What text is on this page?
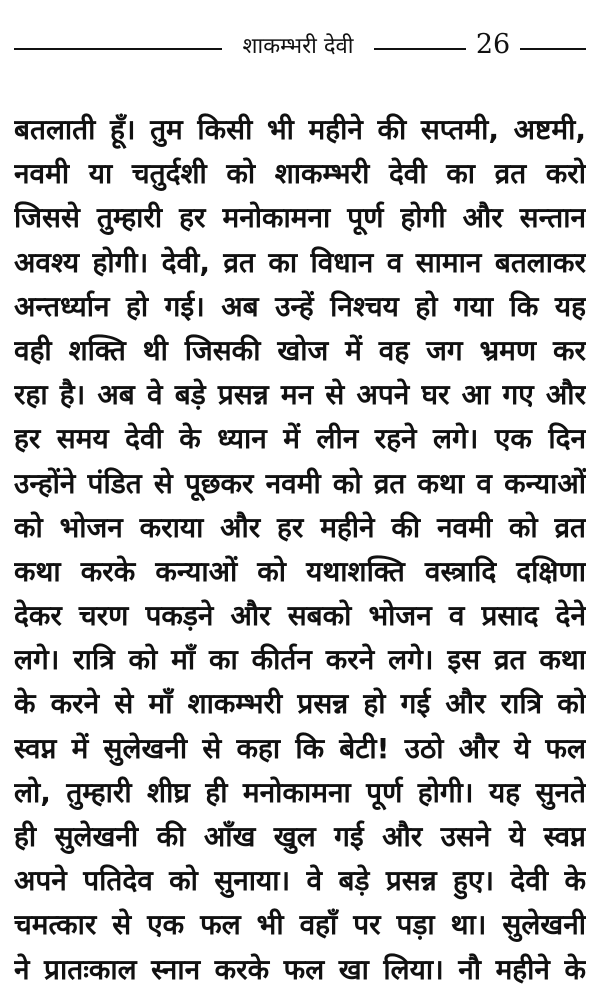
शाकम्भरी देवी	26
बतलाती हूँ। तुम किसी भी महीने की सप्तमी, अष्टमी,
नवमी या चतुर्दशी को शाकम्भरी देवी का व्रत करो
जिससे तुम्हारी हर मनोकामना पूर्ण होगी और सन्तान
अवश्य होगी। देवी, व्रत का विधान व सामान बतलाकर
अन्तर्ध्यान हो गई। अब उन्हें निश्चय हो गया कि यह
वही शक्ति थी जिसकी खोज में वह जग भ्रमण कर
रहा है। अब वे बड़े प्रसन्न मन से अपने घर आ गए और
हर समय देवी के ध्यान में लीन रहने लगे। एक दिन
उन्होंने पंडित से पूछकर नवमी को व्रत कथा व कन्याओं
को भोजन कराया और हर महीने की नवमी को व्रत
कथा करके कन्याओं को यथाशक्ति वस्त्रादि दक्षिणा
देकर चरण पकड़ने और सबको भोजन व प्रसाद देने
लगे। रात्रि को माँ का कीर्तन करने लगे। इस व्रत कथा
के करने से माँ शाकम्भरी प्रसन्न हो गई और रात्रि को
स्वप्न में सुलेखनी से कहा कि बेटी! उठो और ये फल
लो, तुम्हारी शीघ्र ही मनोकामना पूर्ण होगी। यह सुनते
ही सुलेखनी की आँख खुल गई और उसने ये स्वप्न
अपने पतिदेव को सुनाया। वे बड़े प्रसन्न हुए। देवी के
चमत्कार से एक फल भी वहाँ पर पड़ा था। सुलेखनी
ने प्रातःकाल स्नान करके फल खा लिया। नौ महीने के
